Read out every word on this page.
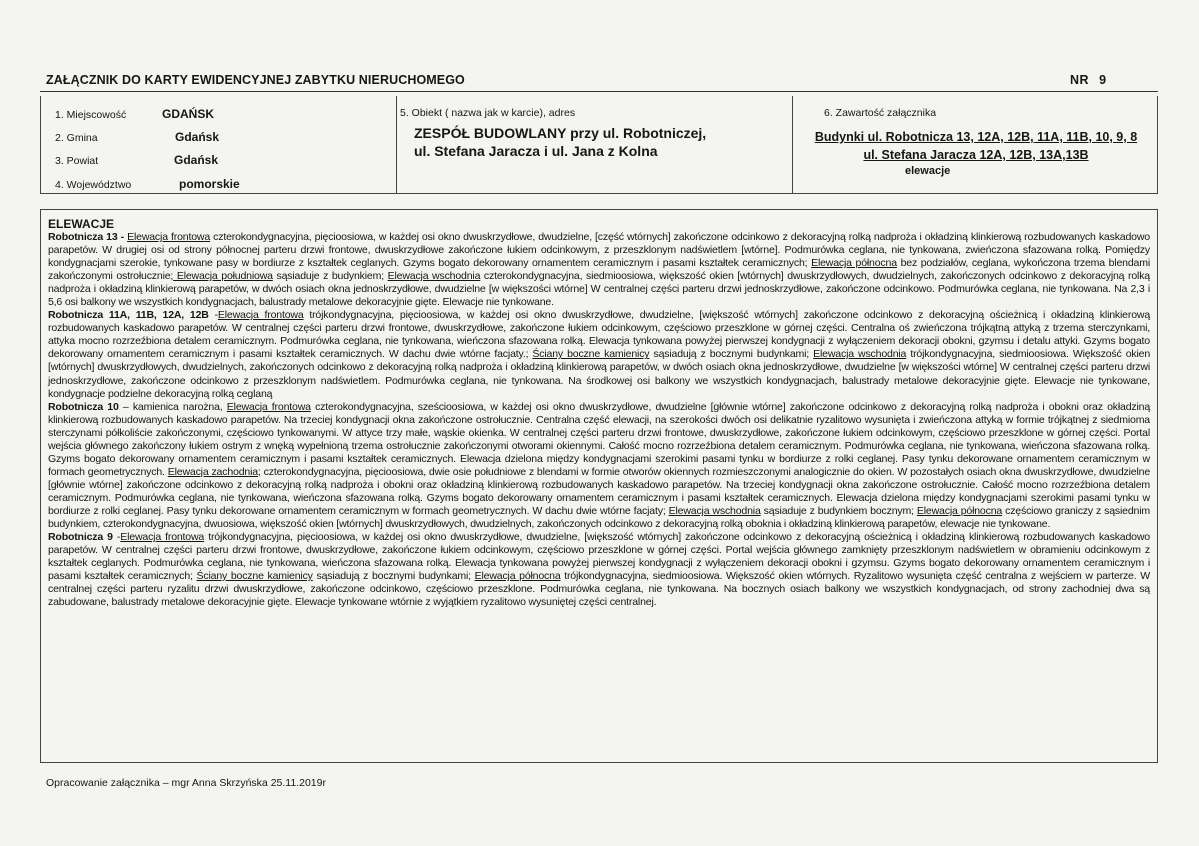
ZAŁĄCZNIK DO KARTY EWIDENCYJNEJ ZABYTKU NIERUCHOMEGO	NR 9
1. Miejscowość	GDAŃSK
2. Gmina	Gdańsk
3. Powiat	Gdańsk
4. Województwo	pomorskie
5. Obiekt ( nazwa jak w karcie), adres
ZESPÓŁ BUDOWLANY przy ul. Robotniczej,
ul. Stefana Jaracza i ul. Jana z Kolna
6. Zawartość załącznika
Budynki ul. Robotnicza 13, 12A, 12B, 11A, 11B, 10, 9, 8
ul. Stefana Jaracza 12A, 12B, 13A,13B
elewacje
ELEWACJE

Robotnicza 13 - Elewacja frontowa czterokondygnacyjna, pięcioosiowa, w każdej osi okno dwuskrzydłowe, dwudzielne, [część wtórnych] zakończone odcinkowo z dekoracyjną rolką nadproża i okładziną klinkierową rozbudowanych kaskadowo parapetów. W drugiej osi od strony północnej parteru drzwi frontowe, dwuskrzydłowe zakończone łukiem odcinkowym, z przeszklonym nadświetlem [wtórne]. Podmurówka ceglana, nie tynkowana, zwieńczona sfazowana rolką. Pomiędzy kondygnacjami szerokie, tynkowane pasy w bordiurze z kształtek ceglanych. Gzyms bogato dekorowany ornamentem ceramicznym i pasami kształtek ceramicznych; Elewacja północna bez podziałów, ceglana, wykończona trzema blendami zakończonymi ostrołucznie; Elewacja południowa sąsiaduje z budynkiem; Elewacja wschodnia czterokondygnacyjna, siedmioosiowa, większość okien [wtórnych] dwuskrzydłowych, dwudzielnych, zakończonych odcinkowo z dekoracyjną rolką nadproża i okładziną klinkierową parapetów, w dwóch osiach okna jednoskrzydłowe, dwudzielne [w większości wtórne] W centralnej części parteru drzwi jednoskrzydłowe, zakończone odcinkowo. Podmurówka ceglana, nie tynkowana. Na 2,3 i 5,6 osi balkony we wszystkich kondygnacjach, balustrady metalowe dekoracyjnie gięte. Elewacje nie tynkowane.

Robotnicza 11A, 11B, 12A, 12B -Elewacja frontowa trójkondygnacyjna, pięcioosiowa, w każdej osi okno dwuskrzydłowe, dwudzielne, [większość wtórnych] zakończone odcinkowo z dekoracyjną ościeżnicą i okładziną klinkierową rozbudowanych kaskadowo parapetów. W centralnej części parteru drzwi frontowe, dwuskrzydłowe, zakończone łukiem odcinkowym, częściowo przeszklone w górnej części. Centralna oś zwieńczona trójkątną attyką z trzema sterczynkami, attyka mocno rozrzeźbiona detalem ceramicznym. Podmurówka ceglana, nie tynkowana, wieńczona sfazowana rolką. Elewacja tynkowana powyżej pierwszej kondygnacji z wyłączeniem dekoracji obokni, gzymsu i detalu attyki. Gzyms bogato dekorowany ornamentem ceramicznym i pasami kształtek ceramicznych. W dachu dwie wtórne facjaty.; Ściany boczne kamienicy sąsiadują z bocznymi budynkami; Elewacja wschodnia trójkondygnacyjna, siedmioosiowa. Większość okien [wtórnych] dwuskrzydłowych, dwudzielnych, zakończonych odcinkowo z dekoracyjną rolką nadproża i okładziną klinkierową parapetów, w dwóch osiach okna jednoskrzydłowe, dwudzielne [w większości wtórne] W centralnej części parteru drzwi jednoskrzydłowe, zakończone odcinkowo z przeszklonym nadświetlem. Podmurówka ceglana, nie tynkowana. Na środkowej osi balkony we wszystkich kondygnacjach, balustrady metalowe dekoracyjnie gięte. Elewacje nie tynkowane, kondygnacje podzielne dekoracyjną rolką ceglaną

Robotnicza 10 – kamienica narożna, Elewacja frontowa czterokondygnacyjna, sześcioosiowa, w każdej osi okno dwuskrzydłowe, dwudzielne [głównie wtórne] zakończone odcinkowo z dekoracyjną rolką nadproża i obokni oraz okładziną klinkierową rozbudowanych kaskadowo parapetów. Na trzeciej kondygnacji okna zakończone ostrołucznie. Centralna część elewacji, na szerokości dwóch osi delikatnie ryzalitowo wysunięta i zwieńczona attyką w formie trójkątnej z siedmioma sterczynami półkoliście zakończonymi, częściowo tynkowanymi. W attyce trzy małe, wąskie okienka. W centralnej części parteru drzwi frontowe, dwuskrzydłowe, zakończone łukiem odcinkowym, częściowo przeszklone w górnej części. Portal wejścia głównego zakończony łukiem ostrym z wnęką wypełnioną trzema ostrołucznie zakończonymi otworami okiennymi. Całość mocno rozrzeźbiona detalem ceramicznym. Podmurówka ceglana, nie tynkowana, wieńczona sfazowana rolką. Gzyms bogato dekorowany ornamentem ceramicznym i pasami kształtek ceramicznych. Elewacja dzielona między kondygnacjami szerokimi pasami tynku w bordiurze z rolki ceglanej. Pasy tynku dekorowane ornamentem ceramicznym w formach geometrycznych. Elewacja zachodnia; czterokondygnacyjna, pięcioosiowa, dwie osie południowe z blendami w formie otworów okiennych rozmieszczonymi analogicznie do okien. W pozostałych osiach okna dwuskrzydłowe, dwudzielne [głównie wtórne] zakończone odcinkowo z dekoracyjną rolką nadproża i obokni oraz okładziną klinkierową rozbudowanych kaskadowo parapetów. Na trzeciej kondygnacji okna zakończone ostrołucznie. Całość mocno rozrzeźbiona detalem ceramicznym. Podmurówka ceglana, nie tynkowana, wieńczona sfazowana rolką. Gzyms bogato dekorowany ornamentem ceramicznym i pasami kształtek ceramicznych. Elewacja dzielona między kondygnacjami szerokimi pasami tynku w bordiurze z rolki ceglanej. Pasy tynku dekorowane ornamentem ceramicznym w formach geometrycznych. W dachu dwie wtórne facjaty; Elewacja wschodnia sąsiaduje z budynkiem bocznym; Elewacja północna częściowo graniczy z sąsiednim budynkiem, czterokondygnacyjna, dwuosiowa, większość okien [wtórnych] dwuskrzydłowych, dwudzielnych, zakończonych odcinkowo z dekoracyjną rolką oboknia i okładziną klinkierową parapetów, elewacje nie tynkowane.

Robotnicza 9 -Elewacja frontowa trójkondygnacyjna, pięcioosiowa, w każdej osi okno dwuskrzydłowe, dwudzielne, [większość wtórnych] zakończone odcinkowo z dekoracyjną ościeżnicą i okładziną klinkierową rozbudowanych kaskadowo parapetów. W centralnej części parteru drzwi frontowe, dwuskrzydłowe, zakończone łukiem odcinkowym, częściowo przeszklone w górnej części. Portal wejścia głównego zamknięty przeszklonym nadświetlem w obramieniu odcinkowym z kształtek ceglanych. Podmurówka ceglana, nie tynkowana, wieńczona sfazowana rolką. Elewacja tynkowana powyżej pierwszej kondygnacji z wyłączeniem dekoracji obokni i gzymsu. Gzyms bogato dekorowany ornamentem ceramicznym i pasami kształtek ceramicznych; Ściany boczne kamienicy sąsiadują z bocznymi budynkami; Elewacja północna trójkondygnacyjna, siedmioosiowa. Większość okien wtórnych. Ryzalitowo wysunięta część centralna z wejściem w parterze. W centralnej części parteru ryzalitu drzwi dwuskrzydłowe, zakończone odcinkowo, częściowo przeszklone. Podmurówka ceglana, nie tynkowana. Na bocznych osiach balkony we wszystkich kondygnacjach, od strony zachodniej dwa są zabudowane, balustrady metalowe dekoracyjnie gięte. Elewacje tynkowane wtórnie z wyjątkiem ryzalitowo wysuniętej części centralnej.

Opracowanie załącznika – mgr Anna Skrzyńska 25.11.2019r
